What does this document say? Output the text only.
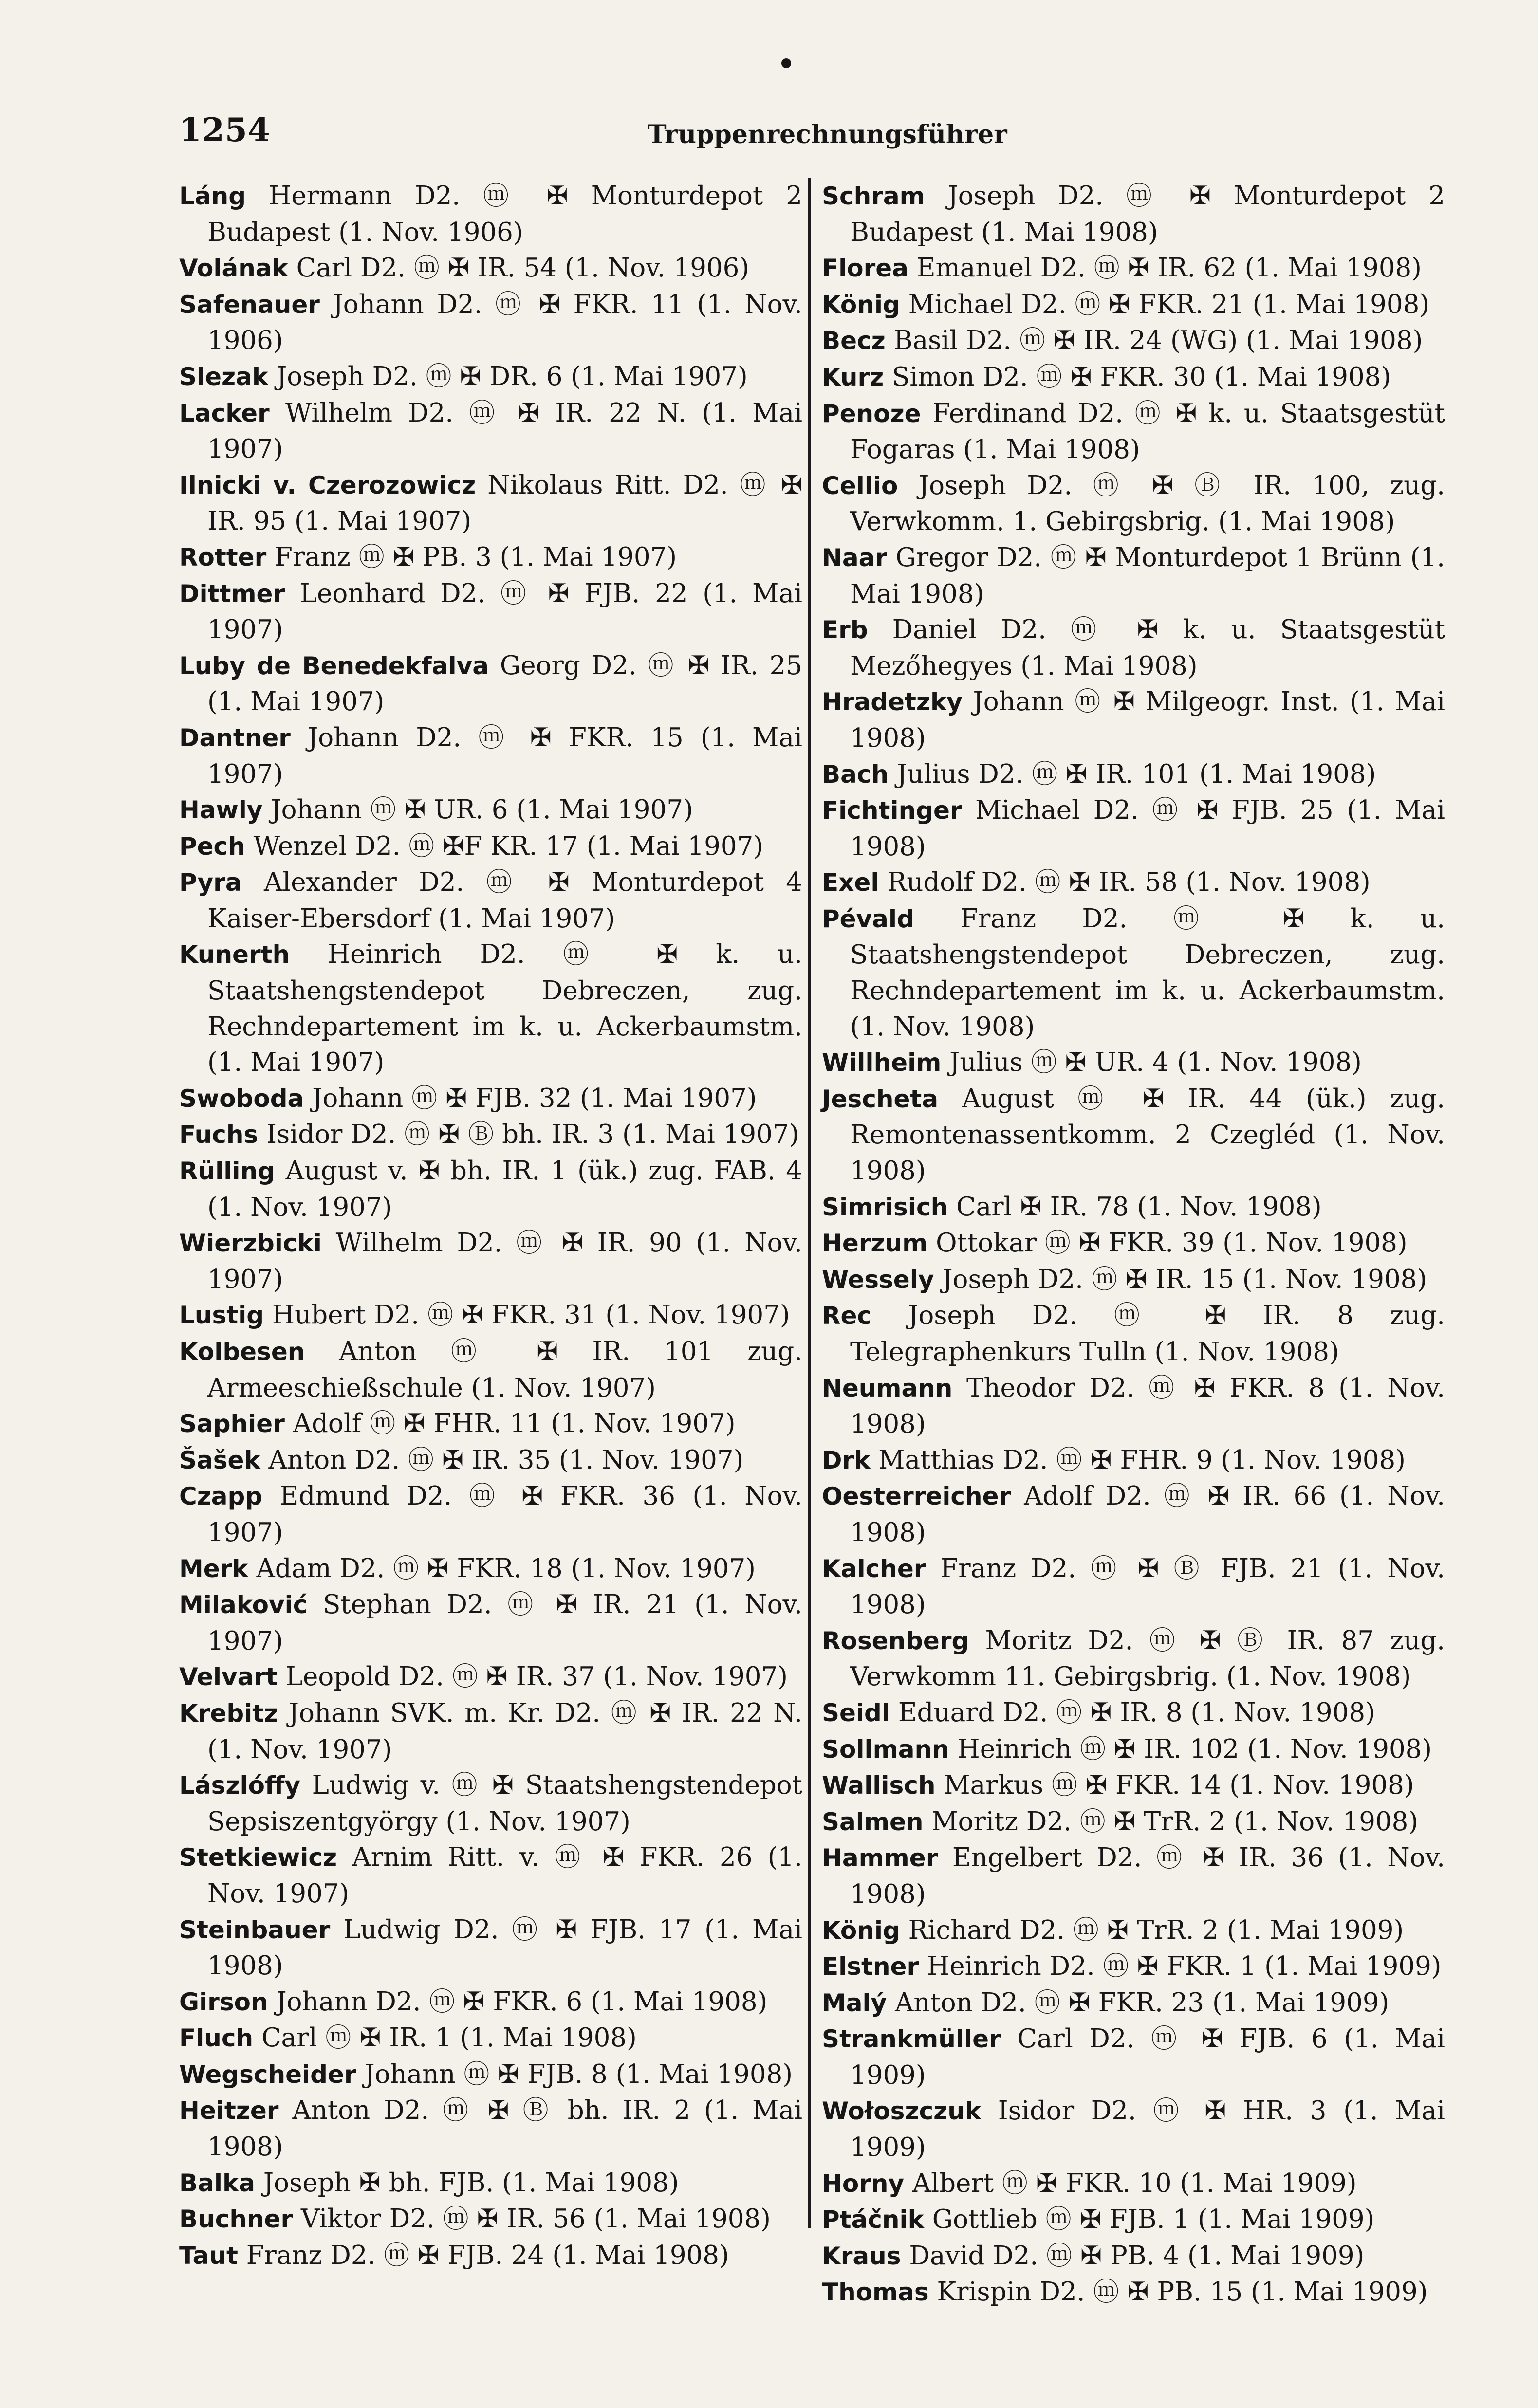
1254	Truppenrechnungsführer
Láng Hermann D2. ⓜ ✠ Monturdepot 2 Budapest (1. Nov. 1906)
Volának Carl D2. ⓜ ✠ IR. 54 (1. Nov. 1906)
Safenauer Johann D2. ⓜ ✠ FKR. 11 (1. Nov. 1906)
Slezak Joseph D2. ⓜ ✠ DR. 6 (1. Mai 1907)
Lacker Wilhelm D2. ⓜ ✠ IR. 22 N. (1. Mai 1907)
Ilnicki v. Czerozowicz Nikolaus Ritt. D2. ⓜ ✠ IR. 95 (1. Mai 1907)
Rotter Franz ⓜ ✠ PB. 3 (1. Mai 1907)
Dittmer Leonhard D2. ⓜ ✠ FJB. 22 (1. Mai 1907)
Luby de Benedekfalva Georg D2. ⓜ ✠ IR. 25 (1. Mai 1907)
Dantner Johann D2. ⓜ ✠ FKR. 15 (1. Mai 1907)
Hawly Johann ⓜ ✠ UR. 6 (1. Mai 1907)
Pech Wenzel D2. ⓜ ✠F KR. 17 (1. Mai 1907)
Pyra Alexander D2. ⓜ ✠ Monturdepot 4 Kaiser-Ebersdorf (1. Mai 1907)
Kunerth Heinrich D2. ⓜ ✠ k. u. Staatshengstendepot Debreczen, zug. Rechndepartement im k. u. Ackerbaumstm. (1. Mai 1907)
Swoboda Johann ⓜ ✠ FJB. 32 (1. Mai 1907)
Fuchs Isidor D2. ⓜ ✠ Ⓑ bh. IR. 3 (1. Mai 1907)
Rülling August v. ✠ bh. IR. 1 (ük.) zug. FAB. 4 (1. Nov. 1907)
Wierzbicki Wilhelm D2. ⓜ ✠ IR. 90 (1. Nov. 1907)
Lustig Hubert D2. ⓜ ✠ FKR. 31 (1. Nov. 1907)
Kolbesen Anton ⓜ ✠ IR. 101 zug. Armeeschießschule (1. Nov. 1907)
Saphier Adolf ⓜ ✠ FHR. 11 (1. Nov. 1907)
Šašek Anton D2. ⓜ ✠ IR. 35 (1. Nov. 1907)
Czapp Edmund D2. ⓜ ✠ FKR. 36 (1. Nov. 1907)
Merk Adam D2. ⓜ ✠ FKR. 18 (1. Nov. 1907)
Milaković Stephan D2. ⓜ ✠ IR. 21 (1. Nov. 1907)
Velvart Leopold D2. ⓜ ✠ IR. 37 (1. Nov. 1907)
Krebitz Johann SVK. m. Kr. D2. ⓜ ✠ IR. 22 N. (1. Nov. 1907)
Lászlóffy Ludwig v. ⓜ ✠ Staatshengstendepot Sepsiszentgyörgy (1. Nov. 1907)
Stetkiewicz Arnim Ritt. v. ⓜ ✠ FKR. 26 (1. Nov. 1907)
Steinbauer Ludwig D2. ⓜ ✠ FJB. 17 (1. Mai 1908)
Girson Johann D2. ⓜ ✠ FKR. 6 (1. Mai 1908)
Fluch Carl ⓜ ✠ IR. 1 (1. Mai 1908)
Wegscheider Johann ⓜ ✠ FJB. 8 (1. Mai 1908)
Heitzer Anton D2. ⓜ ✠ Ⓑ bh. IR. 2 (1. Mai 1908)
Balka Joseph ✠ bh. FJB. (1. Mai 1908)
Buchner Viktor D2. ⓜ ✠ IR. 56 (1. Mai 1908)
Taut Franz D2. ⓜ ✠ FJB. 24 (1. Mai 1908)
Schram Joseph D2. ⓜ ✠ Monturdepot 2 Budapest (1. Mai 1908)
Florea Emanuel D2. ⓜ ✠ IR. 62 (1. Mai 1908)
König Michael D2. ⓜ ✠ FKR. 21 (1. Mai 1908)
Becz Basil D2. ⓜ ✠ IR. 24 (WG) (1. Mai 1908)
Kurz Simon D2. ⓜ ✠ FKR. 30 (1. Mai 1908)
Penoze Ferdinand D2. ⓜ ✠ k. u. Staatsgestüt Fogaras (1. Mai 1908)
Cellio Joseph D2. ⓜ ✠ Ⓑ IR. 100, zug. Verwkomm. 1. Gebirgsbrig. (1. Mai 1908)
Naar Gregor D2. ⓜ ✠ Monturdepot 1 Brünn (1. Mai 1908)
Erb Daniel D2. ⓜ ✠ k. u. Staatsgestüt Mezőhegyes (1. Mai 1908)
Hradetzky Johann ⓜ ✠ Milgeogr. Inst. (1. Mai 1908)
Bach Julius D2. ⓜ ✠ IR. 101 (1. Mai 1908)
Fichtinger Michael D2. ⓜ ✠ FJB. 25 (1. Mai 1908)
Exel Rudolf D2. ⓜ ✠ IR. 58 (1. Nov. 1908)
Pévald Franz D2. ⓜ ✠ k. u. Staatshengstendepot Debreczen, zug. Rechndepartement im k. u. Ackerbaumstm. (1. Nov. 1908)
Willheim Julius ⓜ ✠ UR. 4 (1. Nov. 1908)
Jescheta August ⓜ ✠ IR. 44 (ük.) zug. Remontenassentkomm. 2 Czegléd (1. Nov. 1908)
Simrisich Carl ✠ IR. 78 (1. Nov. 1908)
Herzum Ottokar ⓜ ✠ FKR. 39 (1. Nov. 1908)
Wessely Joseph D2. ⓜ ✠ IR. 15 (1. Nov. 1908)
Rec Joseph D2. ⓜ ✠ IR. 8 zug. Telegraphenkurs Tulln (1. Nov. 1908)
Neumann Theodor D2. ⓜ ✠ FKR. 8 (1. Nov. 1908)
Drk Matthias D2. ⓜ ✠ FHR. 9 (1. Nov. 1908)
Oesterreicher Adolf D2. ⓜ ✠ IR. 66 (1. Nov. 1908)
Kalcher Franz D2. ⓜ ✠ Ⓑ FJB. 21 (1. Nov. 1908)
Rosenberg Moritz D2. ⓜ ✠ Ⓑ IR. 87 zug. Verwkomm 11. Gebirgsbrig. (1. Nov. 1908)
Seidl Eduard D2. ⓜ ✠ IR. 8 (1. Nov. 1908)
Sollmann Heinrich ⓜ ✠ IR. 102 (1. Nov. 1908)
Wallisch Markus ⓜ ✠ FKR. 14 (1. Nov. 1908)
Salmen Moritz D2. ⓜ ✠ TrR. 2 (1. Nov. 1908)
Hammer Engelbert D2. ⓜ ✠ IR. 36 (1. Nov. 1908)
König Richard D2. ⓜ ✠ TrR. 2 (1. Mai 1909)
Elstner Heinrich D2. ⓜ ✠ FKR. 1 (1. Mai 1909)
Malý Anton D2. ⓜ ✠ FKR. 23 (1. Mai 1909)
Strankmüller Carl D2. ⓜ ✠ FJB. 6 (1. Mai 1909)
Wołoszczuk Isidor D2. ⓜ ✠ HR. 3 (1. Mai 1909)
Horny Albert ⓜ ✠ FKR. 10 (1. Mai 1909)
Ptáčnik Gottlieb ⓜ ✠ FJB. 1 (1. Mai 1909)
Kraus David D2. ⓜ ✠ PB. 4 (1. Mai 1909)
Thomas Krispin D2. ⓜ ✠ PB. 15 (1. Mai 1909)
